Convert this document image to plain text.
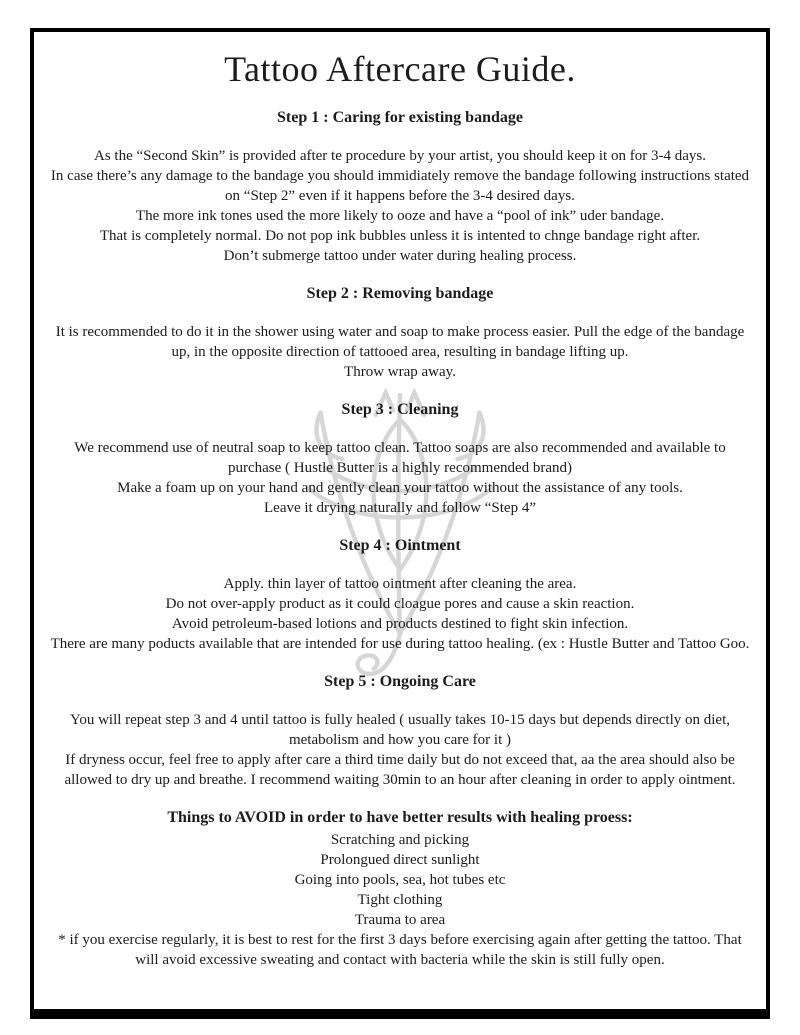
Tattoo Aftercare Guide.
Step 1 : Caring for existing bandage

As the “Second Skin” is provided after te procedure by your artist, you should keep it on for 3-4 days.

In case there’s any damage to the bandage you should immidiately remove the bandage following instructions stated on “Step 2” even if it happens before the 3-4 desired days.

The more ink tones used the more likely to ooze and have a “pool of ink” uder bandage.

That is completely normal. Do not pop ink bubbles unless it is intented to chnge bandage right after.

Don’t submerge tattoo under water during healing process.

Step 2 : Removing bandage

It is recommended to do it in the shower using water and soap to make process easier. Pull the edge of the bandage up, in the opposite direction of tattooed area, resulting in bandage lifting up.

Throw wrap away.

Step 3 : Cleaning

We recommend use of neutral soap to keep tattoo clean. Tattoo soaps are also recommended and available to purchase ( Hustle Butter is a highly recommended brand)

Make a foam up on your hand and gently clean your tattoo without the assistance of any tools.

Leave it drying naturally and follow “Step 4”

Step 4 : Ointment

Apply. thin layer of tattoo ointment after cleaning the area.

Do not over-apply product as it could cloague pores and cause a skin reaction.

Avoid petroleum-based lotions and products destined to fight skin infection.

There are many poducts available that are intended for use during tattoo healing. (ex : Hustle Butter and Tattoo Goo.

Step 5 : Ongoing Care

You will repeat step 3 and 4 until tattoo is fully healed ( usually takes 10-15 days but depends directly on diet, metabolism and how you care for it )

If dryness occur, feel free to apply after care a third time daily but do not exceed that, aa the area should also be allowed to dry up and breathe. I recommend waiting 30min to an hour after cleaning in order to apply ointment.

Things to AVOID in order to have better results with healing proess:

Scratching and picking

Prolongued direct sunlight

Going into pools, sea, hot tubes etc

Tight clothing

Trauma to area

* if you exercise regularly, it is best to rest for the first 3 days before exercising again after getting the tattoo. That will avoid excessive sweating and contact with bacteria while the skin is still fully open.
